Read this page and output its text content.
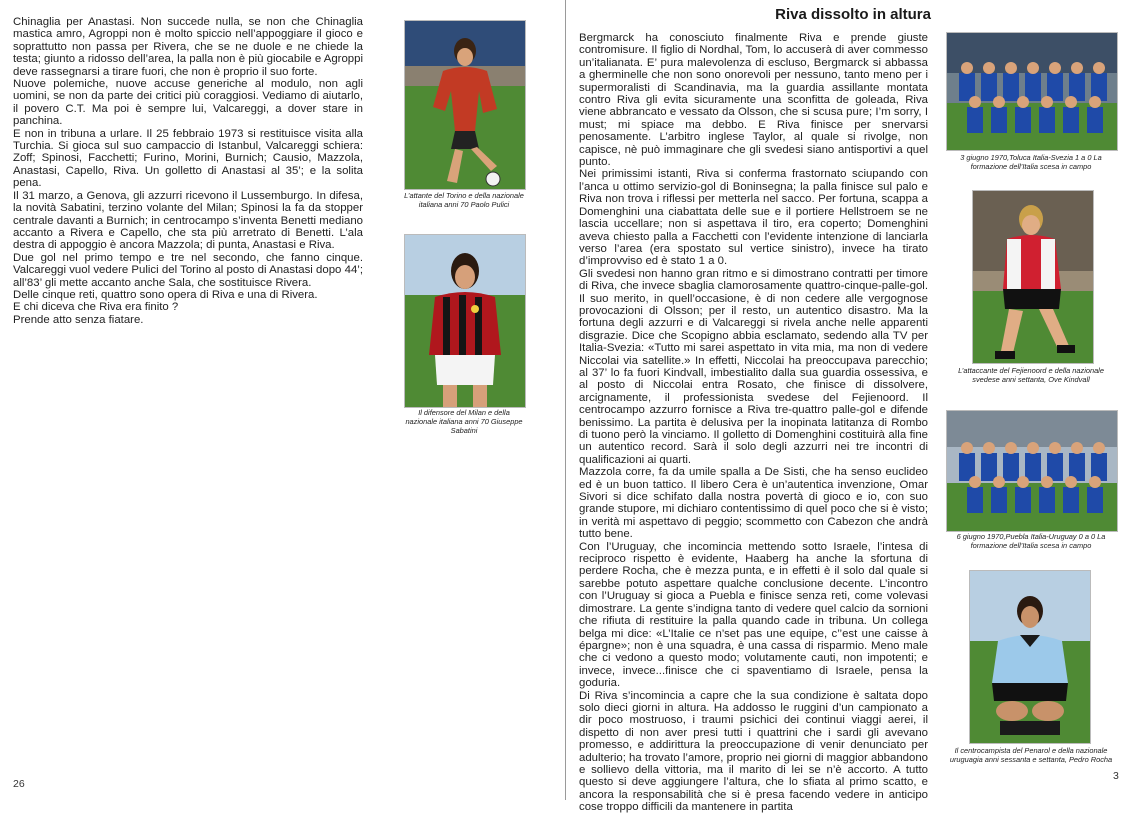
Chinaglia per Anastasi. Non succede nulla, se non che Chinaglia mastica amro, Agroppi non è molto spiccio nell’appoggiare il gioco e soprattutto non passa per Rivera, che se ne duole e ne chiede la testa; giunto a ridosso dell’area, la palla non è più giocabile e Agroppi deve rassegnarsi a tirare fuori, che non è proprio il suo forte.

Nuove polemiche, nuove accuse generiche al modulo, non agli uomini, se non da parte dei critici più coraggiosi. Vediamo di aiutarlo, il povero C.T. Ma poi è sempre lui, Valcareggi, a dover stare in panchina.

E non in tribuna a urlare. Il 25 febbraio 1973 si restituisce visita alla Turchia. Si gioca sul suo campaccio di Istanbul, Valcareggi schiera: Zoff; Spinosi, Facchetti; Furino, Morini, Burnich; Causio, Mazzola, Anastasi, Capello, Riva. Un golletto di Anastasi al 35’; e la solita pena.

Il 31 marzo, a Genova, gli azzurri ricevono il Lussemburgo. In difesa, la novità Sabatini, terzino volante del Milan; Spinosi la fa da stopper centrale davanti a Burnich; in centrocampo s’inventa Benetti mediano accanto a Rivera e Capello, che sta più arretrato di Benetti. L’ala destra di appoggio è ancora Mazzola; di punta, Anastasi e Riva.

Due gol nel primo tempo e tre nel secondo, che fanno cinque. Valcareggi vuol vedere Pulici del Torino al posto di Anastasi dopo 44’; all’83’ gli mette accanto anche Sala, che sostituisce Rivera.

Delle cinque reti, quattro sono opera di Riva e una di Rivera.

E chi diceva che Riva era finito ?

Prende atto senza fiatare.

L’attante del Torino e della nazionale italiana anni 70 Paolo Pulici
Il difensore del Milan e della nazionale italiana anni 70 Giuseppe Sabatini
26
Riva dissolto in altura

Bergmarck ha conosciuto finalmente Riva e prende giuste contromisure. Il figlio di Nordhal, Tom, lo accuserà di aver commesso un’italianata. E’ pura malevolenza di escluso, Bergmarck si abbassa a gherminelle che non sono onorevoli per nessuno, tanto meno per i supermoralisti di Scandinavia, ma la guardia assillante montata contro Riva gli evita sicuramente una sconfitta de goleada, Riva viene abbrancato e vessato da Olsson, che si scusa pure; I’m sorry, I must; mi spiace ma debbo. E Riva finisce per snervarsi penosamente. L’arbitro inglese Taylor, al quale si rivolge, non capisce, nè può immaginare che gli svedesi siano antisportivi a quel punto.

Nei primissimi istanti, Riva si conferma frastornato sciupando con l’anca u ottimo servizio-gol di Boninsegna; la palla finisce sul palo e Riva non trova i riflessi per metterla nel sacco. Per fortuna, scappa a Domenghini una ciabattata delle sue e il portiere Hellstroem se ne lascia uccellare; non si aspettava il tiro, era coperto; Domenghini aveva chiesto palla a Facchetti con l’evidente intenzione di lanciarla verso l’area (era spostato sul vertice sinistro), invece ha tirato d’improvviso ed è stato 1 a 0.

Gli svedesi non hanno gran ritmo e si dimostrano contratti per timore di Riva, che invece sbaglia clamorosamente quattro-cinque-palle-gol. Il suo merito, in quell’occasione, è di non cedere alle vergognose provocazioni di Olsson; per il resto, un autentico disastro. Ma la fortuna degli azzurri e di Valcareggi si rivela anche nelle apparenti disgrazie. Dice che Scopigno abbia esclamato, sedendo alla TV per Italia-Svezia: «Tutto mi sarei aspettato in vita mia, ma non di vedere Niccolai via satellite.» In effetti, Niccolai ha preoccupava parecchio; al 37’ lo fa fuori Kindvall, imbestialito dalla sua guardia ossessiva, e al posto di Niccolai entra Rosato, che finisce di dissolvere, arcignamente, il professionista svedese del Fejienoord. Il centrocampo azzurro fornisce a Riva tre-quattro palle-gol e difende benissimo. La partita è delusiva per la inopinata latitanza di Rombo di tuono però la vinciamo. Il golletto di Domenghini costituirà alla fine un autentico record. Sarà il solo degli azzurri nei tre incontri di qualificazioni ai quarti.

Mazzola corre, fa da umile spalla a De Sisti, che ha senso euclideo ed è un buon tattico. Il libero Cera è un’autentica invenzione, Omar Sivori si dice schifato dalla nostra povertà di gioco e io, con suo grande stupore, mi dichiaro contentissimo di quel poco che si è visto; in verità mi aspettavo di peggio; scommetto con Cabezon che andrà tutto bene.

Con l’Uruguay, che incomincia mettendo sotto Israele, l’intesa di reciproco rispetto è evidente, Haaberg ha anche la sfortuna di perdere Rocha, che è mezza punta, e in effetti è il solo dal quale si sarebbe potuto aspettare qualche conclusione decente. L’incontro con l’Uruguay si gioca a Puebla e finisce senza reti, come volevasi dimostrare. La gente s’indigna tanto di vedere quel calcio da sornioni che rifiuta di restituire la palla quando cade in tribuna. Un collega belga mi dice: «L’Italie ce n’set pas une equipe, c’’est une caisse à épargne»; non è una squadra, è una cassa di risparmio. Meno male che ci vedono a questo modo; volutamente cauti, non impotenti; e invece, invece...finisce che ci spaventiamo di Israele, pensa la goduria.

Di Riva s’incomincia a capre che la sua condizione è saltata dopo solo dieci giorni in altura. Ha addosso le ruggini d’un campionato a dir poco mostruoso, i traumi psichici dei continui viaggi aerei, il dispetto di non aver presi tutti i quattrini che i sardi gli avevano promesso, e addirittura la preoccupazione di venir denunciato per adulterio; ha trovato l’amore, proprio nei giorni di maggior abbandono e sollievo della vittoria, ma il marito di lei se n’è accorto. A tutto questo si deve aggiungere l’altura, che lo sfiata al primo scatto, e ancora la responsabilità che si è presa facendo vedere in anticipo cose troppo difficili da mantenere in partita

3 giugno 1970,Toluca Italia-Svezia 1 a 0 La formazione dell’Italia scesa in campo
L’attaccante del Fejienoord e della nazionale svedese anni settanta, Ove Kindvall
6 giugno 1970,Puebla Italia-Uruguay 0 a 0 La formazione dell’Italia scesa in campo
Il centrocampista del Penarol e della nazionale uruguagia anni sessanta e settanta, Pedro Rocha
3
